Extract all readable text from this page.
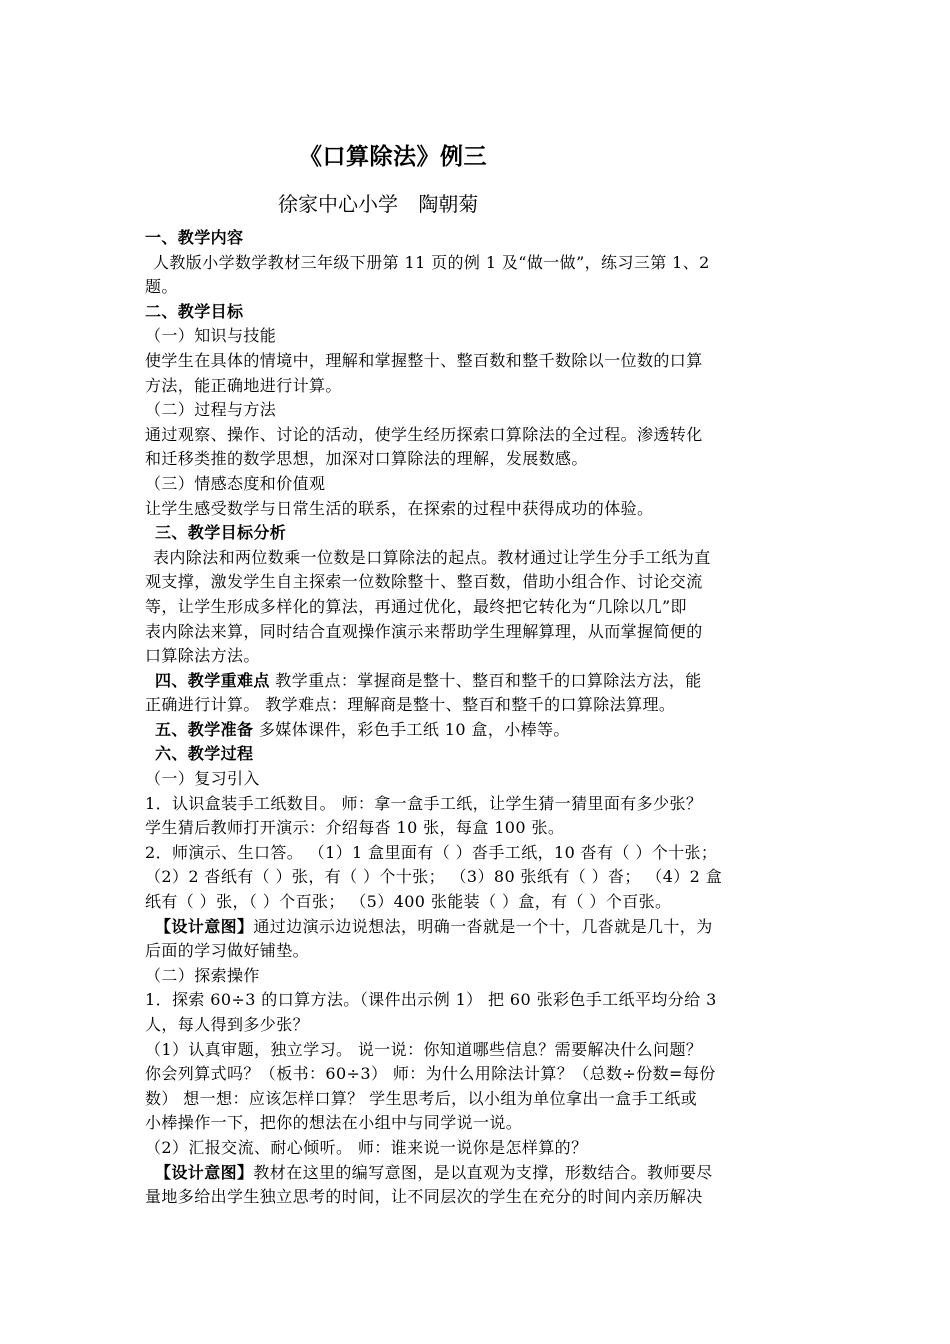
《口算除法》例三
徐家中心小学 陶朝菊

一、教学内容

人教版小学数学教材三年级下册第 11 页的例 1 及“做一做”，练习三第 1、2

题。

二、教学目标

（一）知识与技能

使学生在具体的情境中，理解和掌握整十、整百数和整千数除以一位数的口算

方法，能正确地进行计算。

（二）过程与方法

通过观察、操作、讨论的活动，使学生经历探索口算除法的全过程。渗透转化

和迁移类推的数学思想，加深对口算除法的理解，发展数感。

（三）情感态度和价值观

让学生感受数学与日常生活的联系，在探索的过程中获得成功的体验。

三、教学目标分析

表内除法和两位数乘一位数是口算除法的起点。教材通过让学生分手工纸为直

观支撑，激发学生自主探索一位数除整十、整百数，借助小组合作、讨论交流

等，让学生形成多样化的算法，再通过优化，最终把它转化为“几除以几”即

表内除法来算，同时结合直观操作演示来帮助学生理解算理，从而掌握简便的

口算除法方法。

四、教学重难点 教学重点：掌握商是整十、整百和整千的口算除法方法，能

正确进行计算。 教学难点：理解商是整十、整百和整千的口算除法算理。

五、教学准备 多媒体课件，彩色手工纸 10 盒，小棒等。

六、教学过程

（一）复习引入

1．认识盒装手工纸数目。 师：拿一盒手工纸，让学生猜一猜里面有多少张？

学生猜后教师打开演示：介绍每沓 10 张，每盒 100 张。

2．师演示、生口答。 （1）1 盒里面有（ ）沓手工纸，10 沓有（ ）个十张；

（2）2 沓纸有（ ）张，有（ ）个十张； （3）80 张纸有（ ）沓； （4）2 盒

纸有（ ）张，（ ）个百张； （5）400 张能装（ ）盒，有（ ）个百张。

【设计意图】通过边演示边说想法，明确一沓就是一个十，几沓就是几十，为

后面的学习做好铺垫。

（二）探索操作

1．探索 60÷3 的口算方法。（课件出示例 1） 把 60 张彩色手工纸平均分给 3

人，每人得到多少张？

（1）认真审题，独立学习。 说一说：你知道哪些信息？需要解决什么问题？

你会列算式吗？（板书：60÷3） 师：为什么用除法计算？（总数÷份数=每份

数） 想一想：应该怎样口算？ 学生思考后，以小组为单位拿出一盒手工纸或

小棒操作一下，把你的想法在小组中与同学说一说。

（2）汇报交流、耐心倾听。 师：谁来说一说你是怎样算的？

【设计意图】教材在这里的编写意图，是以直观为支撑，形数结合。教师要尽

量地多给出学生独立思考的时间，让不同层次的学生在充分的时间内亲历解决
